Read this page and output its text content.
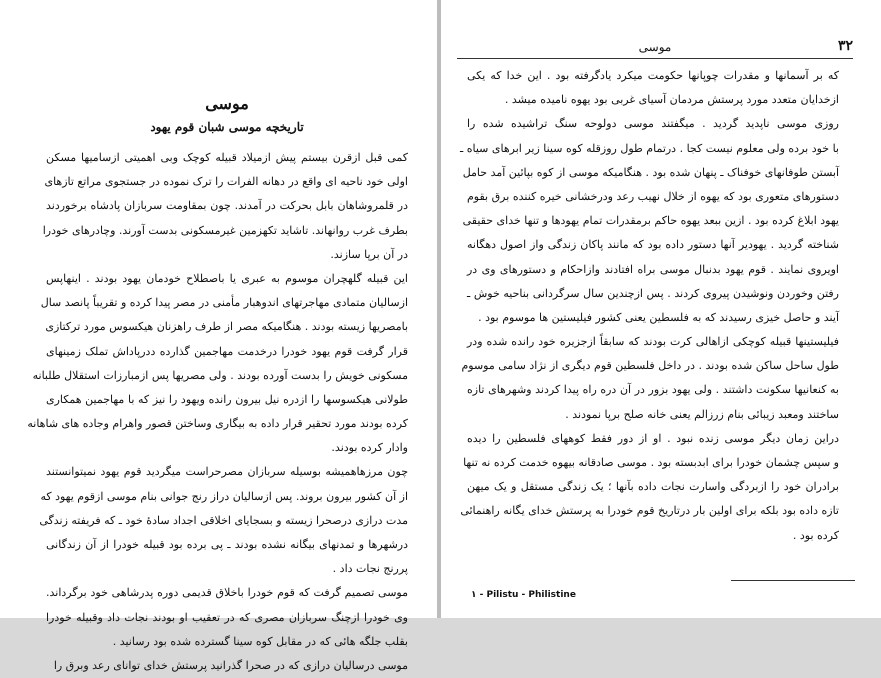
موسی
تاریخچه موسی شبان قوم یهود
کمی قبل ازقرن بیستم پیش ازمیلاد قبیله کوچک وبی اهمیتی ازساميها مسکن
اولی خود ناحیه ای واقع در دهانه الفرات را ترک نموده در جستجوی مراتع تازهای
در قلمروشاهان بابل بحرکت در آمدند. چون بمقاومت سربازان پادشاه برخوردند
بطرف غرب روانهاند. تاشاید تکهزمین غیرمسکونی بدست آورند. وچادرهای خودرا
در آن برپا سازند.
این قبیله گلهچران موسوم به عبری یا باصطلاح خودمان یهود بودند . اینهاپس
ازسالیان متمادی مهاجرتهای اندوهبار مأمنی در مصر پیدا کرده و تقریباً پانصد سال
بامصریها زیسته بودند . هنگامیکه مصر از طرف راهزنان هیکسوس مورد ترکتازی
قرار گرفت قوم یهود خودرا درخدمت مهاجمین گذارده ددرپاداش تملک زمینهای
مسکونی خویش را بدست آورده بودند . ولی مصریها پس ازمبارزات استقلال طلبانه
طولانی هیکسوسها را ازدره نیل بیرون رانده ویهود را نیز که با مهاجمین همکاری
کرده بودند مورد تحقیر قرار داده به بیگاری وساختن قصور واهرام وجاده های شاهانه
وادار کرده بودند.
چون مرزهاهمیشه بوسیله سربازان مصرحراست میگردید قوم یهود نمیتوانستند
از آن کشور بیرون بروند. پس ازسالیان دراز رنج جوانی بنام موسی ازقوم یهود که
مدت درازی درصحرا زیسته و بسجایای اخلاقی اجداد سادهٔ خود ـ که فریفته زندگی
درشهرها و تمدنهای بیگانه نشده بودند ـ پی برده بود قبیله خودرا از آن زندگانی
پررنج نجات داد .
موسی تصمیم گرفت که قوم خودرا باخلاق قدیمی دوره پدرشاهی خود برگرداند.
وی خودرا ازچنگ سربازان مصری که در تعقیب او بودند نجات داد وقبیله خودرا
بقلب جلگه هائی که در مقابل کوه سینا گسترده شده بود رسانید .
موسی درسالیان درازی که در صحرا گذرانید پرستش خدای توانای رعد وبرق را
۳۲
موسی
که بر آسمانها و مقدرات چوپانها حکومت میکرد یادگرفته بود . این خدا که یکی
ازخدایان متعدد مورد پرستش مردمان آسیای غربی بود یهوه نامیده میشد .
روزی موسی ناپدید گردید . میگفتند موسی دولوحه سنگ تراشیده شده را
با خود برده ولی معلوم نیست کجا . درتمام طول روزقله کوه سینا زیر ابرهای سیاه ـ
آبستن طوفانهای خوفناک ـ پنهان شده بود . هنگامیکه موسی از کوه بپائین آمد حامل
دستورهای متعوری بود که یهوه از خلال نهیب رعد ودرخشانی خیره کننده برق بقوم
یهود ابلاغ کرده بود . ازین ببعد یهوه حاکم برمقدرات تمام یهودها و تنها خدای حقیقی
شناخته گردید . یهودیر آنها دستور داده بود که مانند پاکان زندگی واز اصول دهگانه
اویروی نمایند . قوم یهود بدنبال موسی براه افتادند وازاحکام و دستورهای وی در
رفتن وخوردن ونوشیدن پیروی کردند . پس ازچندین سال سرگردانی بناحیه خوش ـ
آیند و حاصل خیزی رسیدند که به فلسطین یعنی کشور فیلیستین ها موسوم بود .
فیلیستینها قبیله کوچکی ازاهالی کرت بودند که سابقاً ازجزیره خود رانده شده ودر
طول ساحل ساکن شده بودند . در داخل فلسطین قوم دیگری از نژاد سامی موسوم
به کنعانیها سکونت داشتند . ولی یهود بزور در آن دره راه پیدا کردند وشهرهای تازه
ساختند ومعبد زیبائی بنام زرزالم یعنی خانه صلح برپا نمودند .
دراین زمان دیگر موسی زنده نبود . او از دور فقط کوههای فلسطین را دیده
و سپس چشمان خودرا برای ابدبسته بود . موسی صادقانه بیهوه خدمت کرده نه تنها
برادران خود را ازبردگی واسارت نجات داده بآنها ؛ یک زندگی مستقل و یک میهن
تازه داده بود بلکه برای اولین بار درتاریخ قوم خودرا به پرستش خدای یگانه راهنمائی
کرده بود .
۱ - Pilistu - Philistine
